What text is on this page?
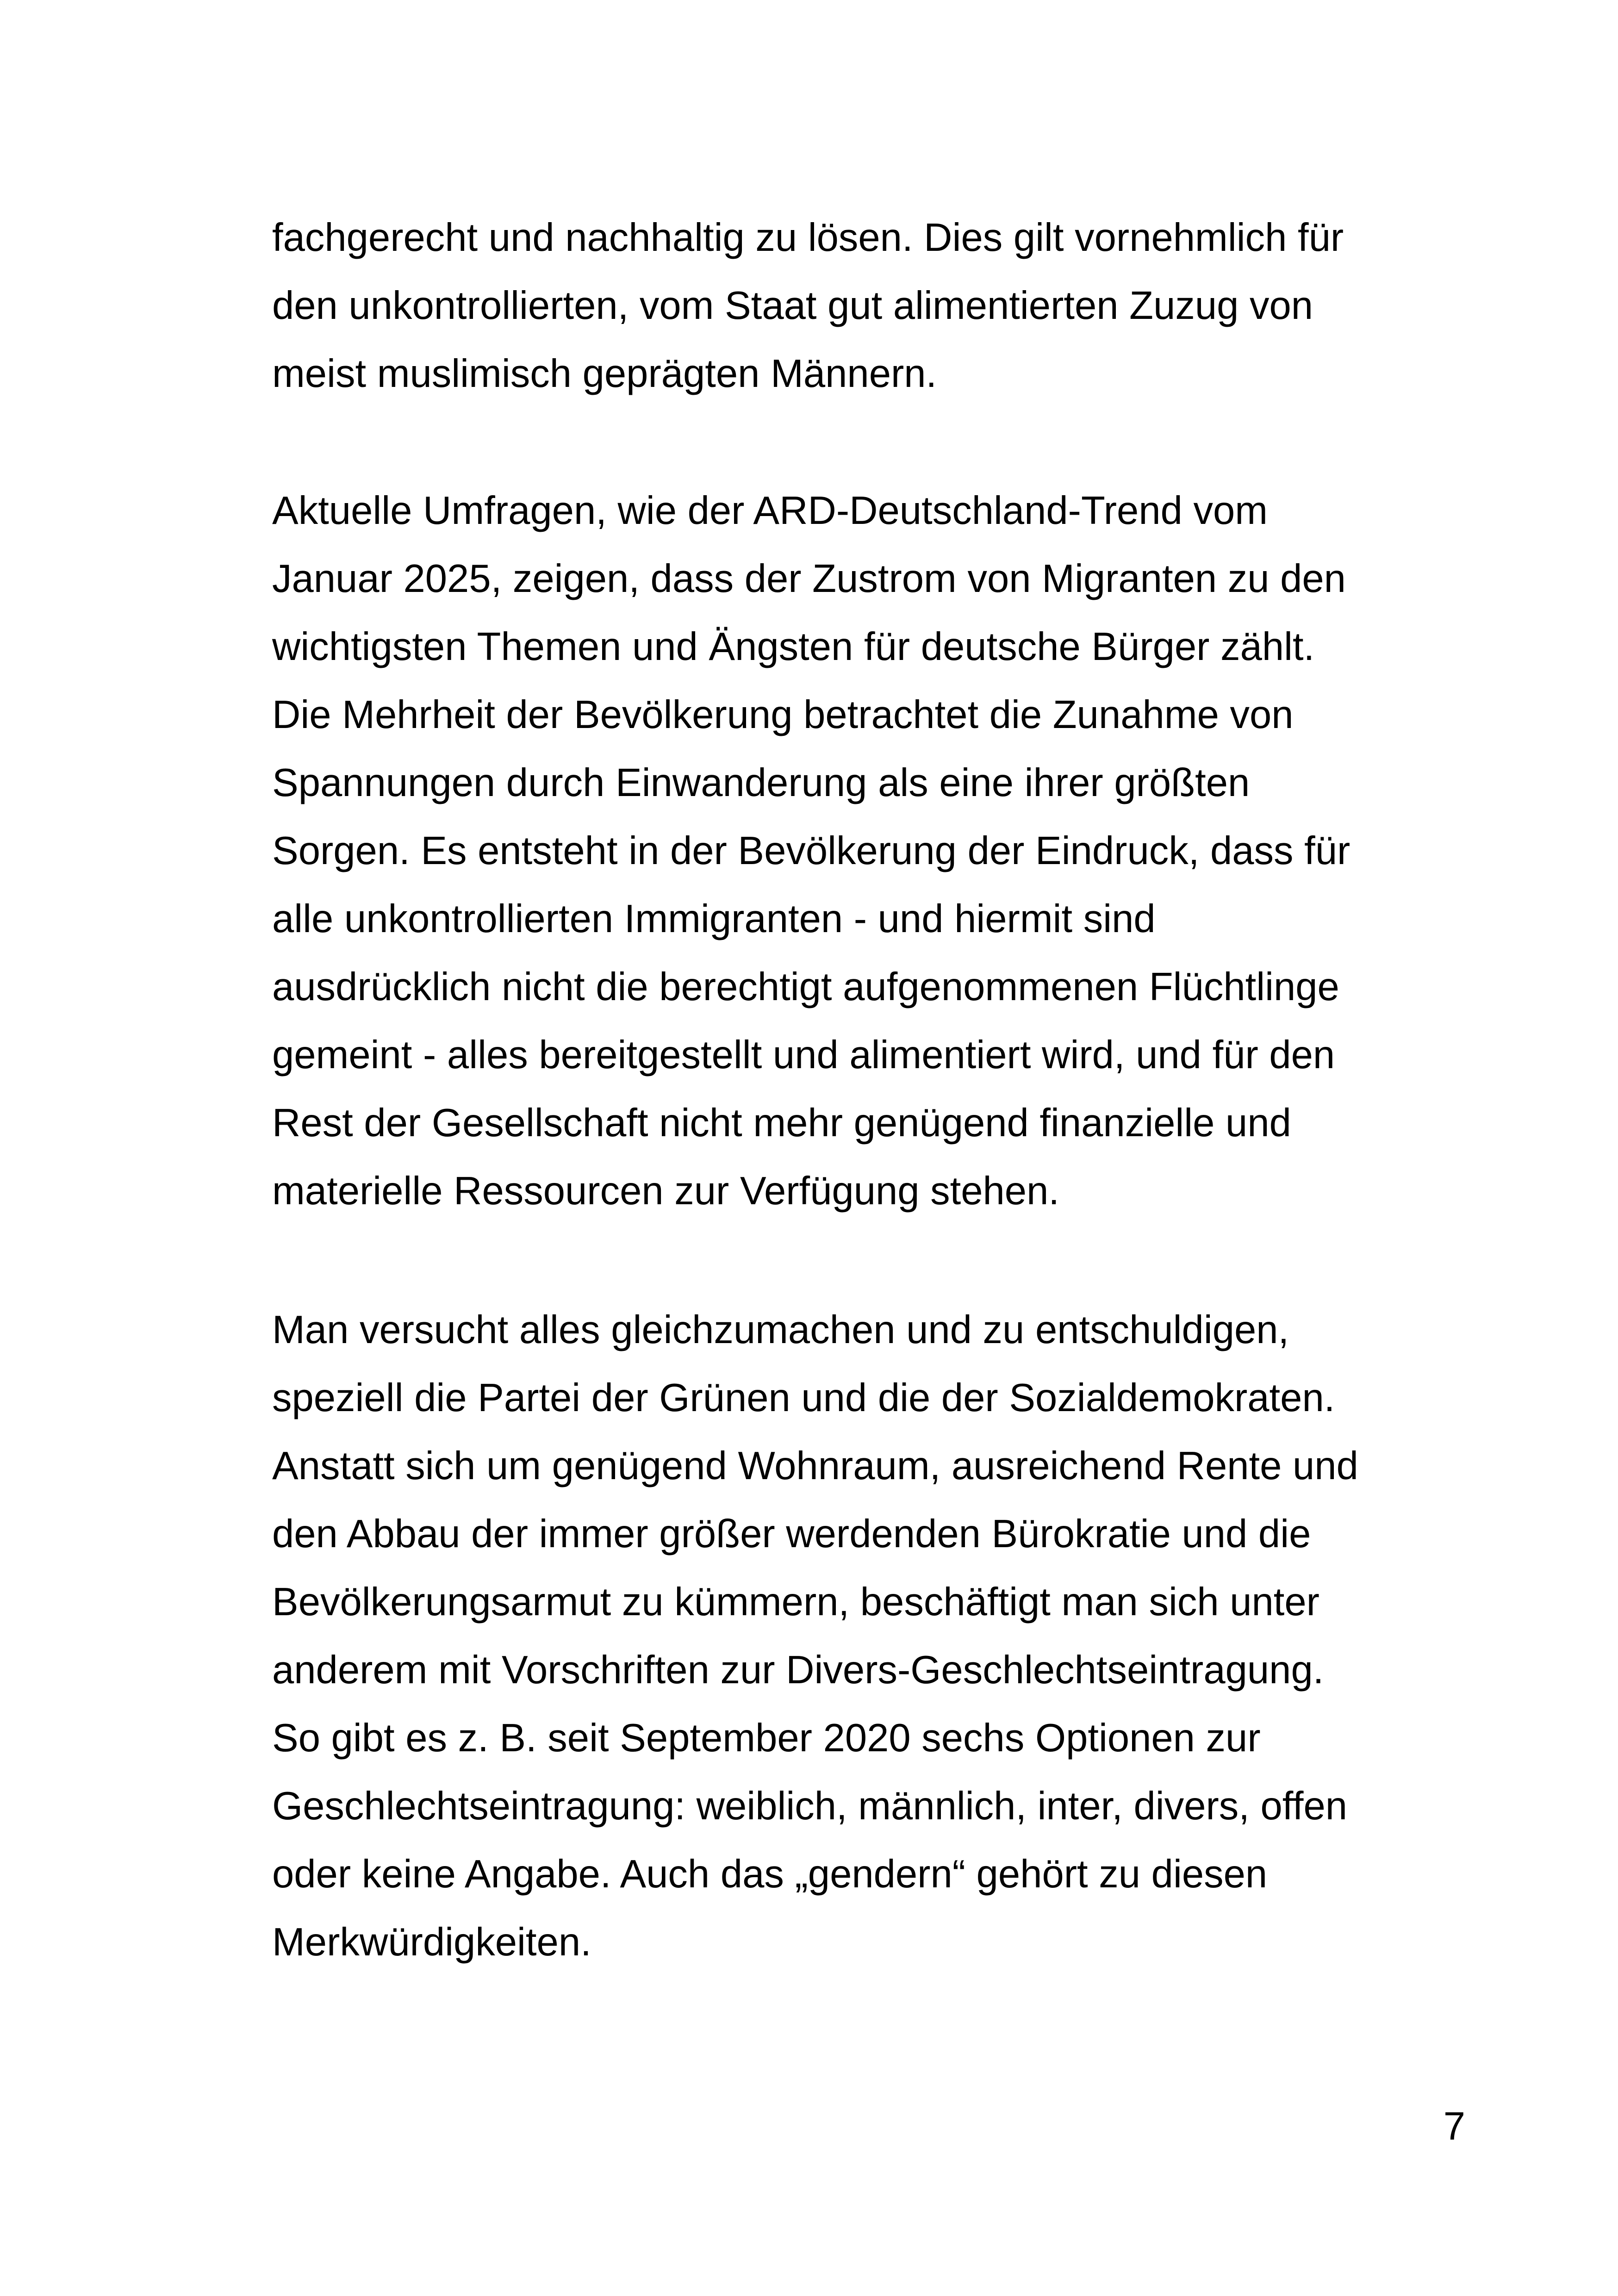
fachgerecht und nachhaltig zu lösen. Dies gilt vornehmlich für
den unkontrollierten, vom Staat gut alimentierten Zuzug von
meist muslimisch geprägten Männern.
Aktuelle Umfragen, wie der ARD-Deutschland-Trend vom
Januar 2025, zeigen, dass der Zustrom von Migranten zu den
wichtigsten Themen und Ängsten für deutsche Bürger zählt.
Die Mehrheit der Bevölkerung betrachtet die Zunahme von
Spannungen durch Einwanderung als eine ihrer größten
Sorgen. Es entsteht in der Bevölkerung der Eindruck, dass für
alle unkontrollierten Immigranten - und hiermit sind
ausdrücklich nicht die berechtigt aufgenommenen Flüchtlinge
gemeint - alles bereitgestellt und alimentiert wird, und für den
Rest der Gesellschaft nicht mehr genügend finanzielle und
materielle Ressourcen zur Verfügung stehen.
Man versucht alles gleichzumachen und zu entschuldigen,
speziell die Partei der Grünen und die der Sozialdemokraten.
Anstatt sich um genügend Wohnraum, ausreichend Rente und
den Abbau der immer größer werdenden Bürokratie und die
Bevölkerungsarmut zu kümmern, beschäftigt man sich unter
anderem mit Vorschriften zur Divers-Geschlechtseintragung.
So gibt es z. B. seit September 2020 sechs Optionen zur
Geschlechtseintragung: weiblich, männlich, inter, divers, offen
oder keine Angabe. Auch das „gendern“ gehört zu diesen
Merkwürdigkeiten.
7
